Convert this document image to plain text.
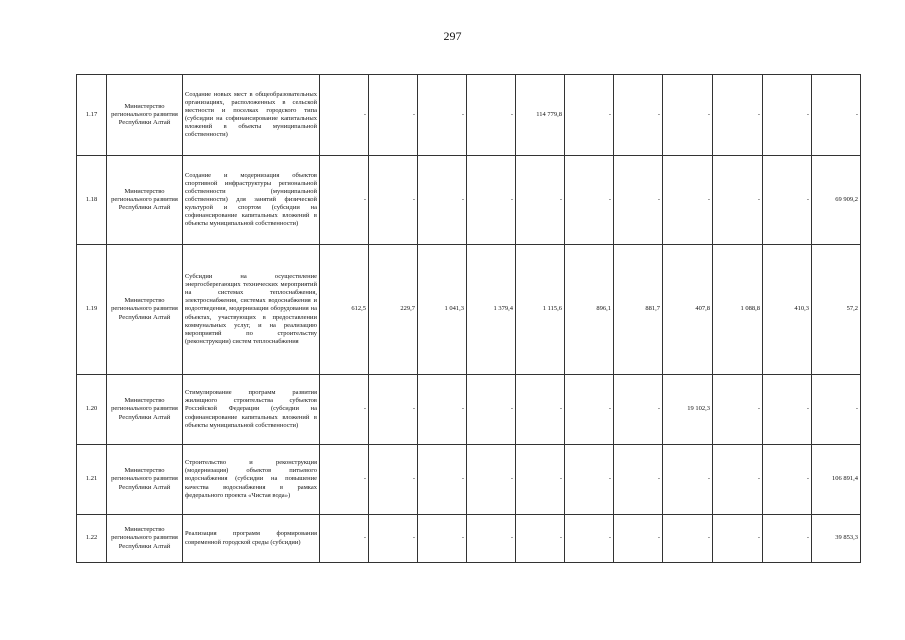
297
1.17	Министерство регионального развития Республики Алтай	Создание новых мест в общеобразовательных организациях, расположенных в сельской местности и поселках городского типа (субсидии на софинансирование капитальных вложений в объекты муниципальной собственности)	-	-	-	-	114 779,8	-	-	-	-	-	-
1.18	Министерство регионального развития Республики Алтай	Создание и модернизация объектов спортивной инфраструктуры региональной собственности (муниципальной собственности) для занятий физической культурой и спортом (субсидии на софинансирование капитальных вложений в объекты муниципальной собственности)	-	-	-	-	-	-	-	-	-	-	69 909,2
1.19	Министерство регионального развития Республики Алтай	Субсидии на осуществление энергосберегающих технических мероприятий на системах теплоснабжения, электроснабжения, системах водоснабжения и водоотведения, модернизации оборудования на объектах, участвующих в предоставлении коммунальных услуг, и на реализацию мероприятий по строительству (реконструкции) систем теплоснабжения	612,5	229,7	1 041,3	1 379,4	1 115,6	896,1	881,7	407,8	1 088,8	410,3	57,2
1.20	Министерство регионального развития Республики Алтай	Стимулирование программ развития жилищного строительства субъектов Российской Федерации (субсидии на софинансирование капитальных вложений в объекты муниципальной собственности)	-	-	-	-	-	-	-	19 102,3	-	-	-
1.21	Министерство регионального развития Республики Алтай	Строительство и реконструкция (модернизация) объектов питьевого водоснабжения (субсидии на повышение качества водоснабжения в рамках федерального проекта «Чистая вода»)	-	-	-	-	-	-	-	-	-	-	106 891,4
1.22	Министерство регионального развития Республики Алтай	Реализация программ формирования современной городской среды (субсидии)	-	-	-	-	-	-	-	-	-	-	39 853,3
